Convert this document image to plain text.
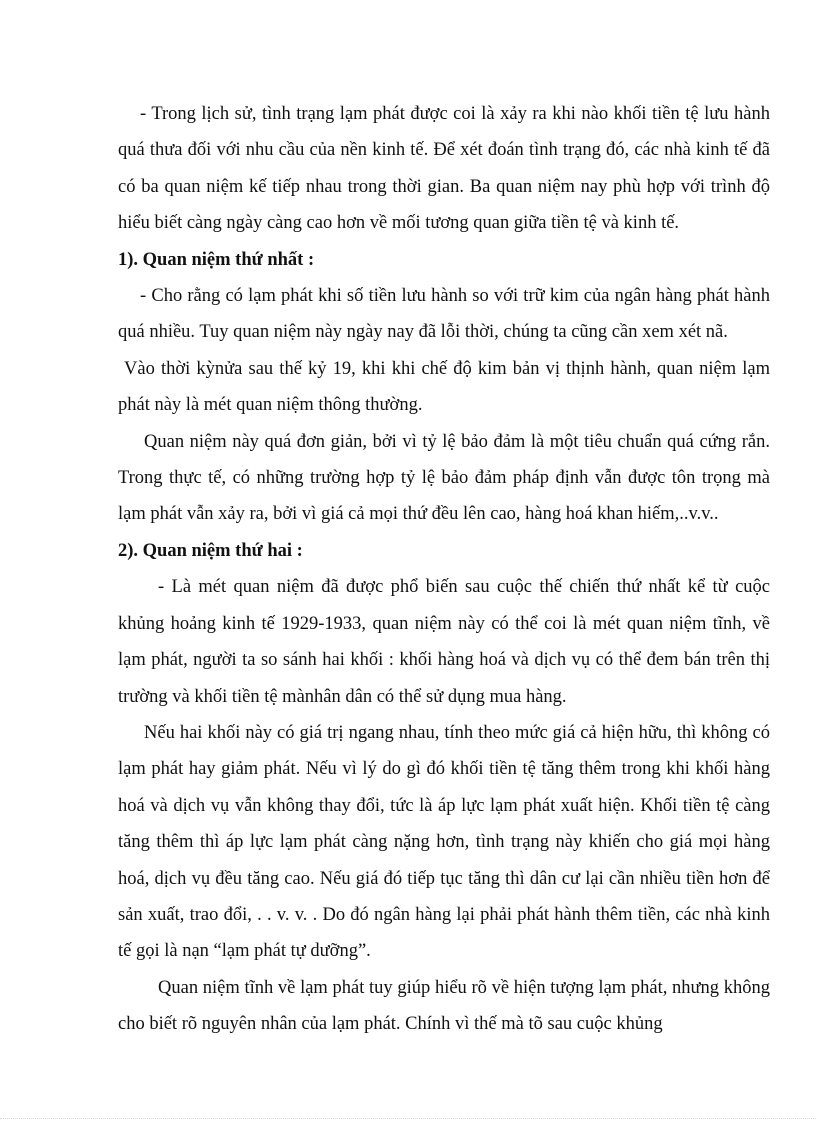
- Trong lịch sử, tình trạng lạm phát được coi là xảy ra khi nào khối tiền tệ lưu hành quá thưa đối với nhu cầu của nền kinh tế. Để xét đoán tình trạng đó, các nhà kinh tế đã có ba quan niệm kế tiếp nhau trong thời gian. Ba quan niệm nay phù hợp với trình độ hiểu biết càng ngày càng cao hơn về mối tương quan giữa tiền tệ và kinh tế.

1). Quan niệm thứ nhất :

- Cho rằng có lạm phát khi số tiền lưu hành so với trữ kim của ngân hàng phát hành quá nhiều. Tuy quan niệm này ngày nay đã lỗi thời, chúng ta cũng cần xem xét nã.

Vào thời kỳnửa sau thế kỷ 19, khi khi chế độ kim bản vị thịnh hành, quan niệm lạm phát này là mét quan niệm thông thường.

Quan niệm này quá đơn giản, bởi vì tỷ lệ bảo đảm là một tiêu chuẩn quá cứng rắn. Trong thực tế, có những trường hợp tỷ lệ bảo đảm pháp định vẫn được tôn trọng mà lạm phát vẫn xảy ra, bởi vì giá cả mọi thứ đều lên cao, hàng hoá khan hiếm,..v.v..

2). Quan niệm thứ hai :

- Là mét quan niệm đã được phổ biến sau cuộc thế chiến thứ nhất kể từ cuộc khủng hoảng kinh tế 1929-1933, quan niệm này có thể coi là mét quan niệm tĩnh, về lạm phát, người ta so sánh hai khối : khối hàng hoá và dịch vụ có thể đem bán trên thị trường và khối tiền tệ mànhân dân có thể sử dụng mua hàng.

Nếu hai khối này có giá trị ngang nhau, tính theo mức giá cả hiện hữu, thì không có lạm phát hay giảm phát. Nếu vì lý do gì đó khối tiền tệ tăng thêm trong khi khối hàng hoá và dịch vụ vẫn không thay đổi, tức là áp lực lạm phát xuất hiện. Khối tiền tệ càng tăng thêm thì áp lực lạm phát càng nặng hơn, tình trạng này khiến cho giá mọi hàng hoá, dịch vụ đều tăng cao. Nếu giá đó tiếp tục tăng thì dân cư lại cần nhiều tiền hơn để sản xuất, trao đổi, . . v. v. . Do đó ngân hàng lại phải phát hành thêm tiền, các nhà kinh tế gọi là nạn “lạm phát tự dưỡng”.

Quan niệm tĩnh về lạm phát tuy giúp hiểu rõ về hiện tượng lạm phát, nhưng không cho biết rõ nguyên nhân của lạm phát. Chính vì thế mà tõ sau cuộc khủng
